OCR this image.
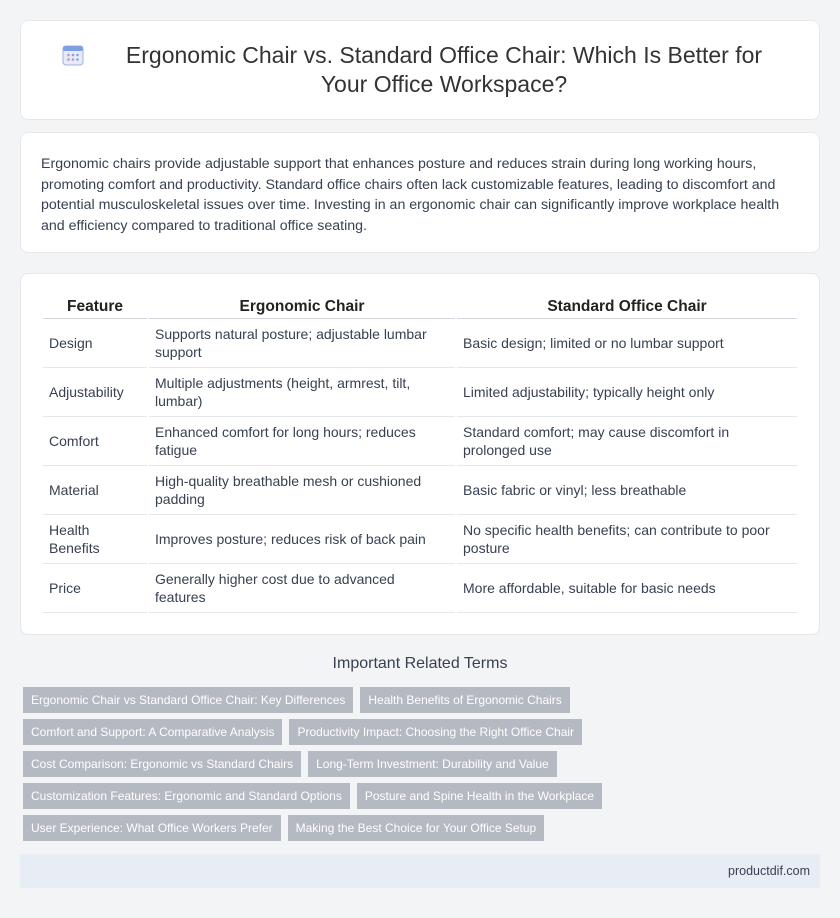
Ergonomic Chair vs. Standard Office Chair: Which Is Better for Your Office Workspace?

Ergonomic chairs provide adjustable support that enhances posture and reduces strain during long working hours, promoting comfort and productivity. Standard office chairs often lack customizable features, leading to discomfort and potential musculoskeletal issues over time. Investing in an ergonomic chair can significantly improve workplace health and efficiency compared to traditional office seating.

Feature	Ergonomic Chair	Standard Office Chair
Design	Supports natural posture; adjustable lumbar support	Basic design; limited or no lumbar support
Adjustability	Multiple adjustments (height, armrest, tilt, lumbar)	Limited adjustability; typically height only
Comfort	Enhanced comfort for long hours; reduces fatigue	Standard comfort; may cause discomfort in prolonged use
Material	High-quality breathable mesh or cushioned padding	Basic fabric or vinyl; less breathable
Health Benefits	Improves posture; reduces risk of back pain	No specific health benefits; can contribute to poor posture
Price	Generally higher cost due to advanced features	More affordable, suitable for basic needs
Important Related Terms
Ergonomic Chair vs Standard Office Chair: Key Differences	Health Benefits of Ergonomic Chairs
Comfort and Support: A Comparative Analysis	Productivity Impact: Choosing the Right Office Chair
Cost Comparison: Ergonomic vs Standard Chairs	Long-Term Investment: Durability and Value
Customization Features: Ergonomic and Standard Options	Posture and Spine Health in the Workplace
User Experience: What Office Workers Prefer	Making the Best Choice for Your Office Setup
productdif.com
